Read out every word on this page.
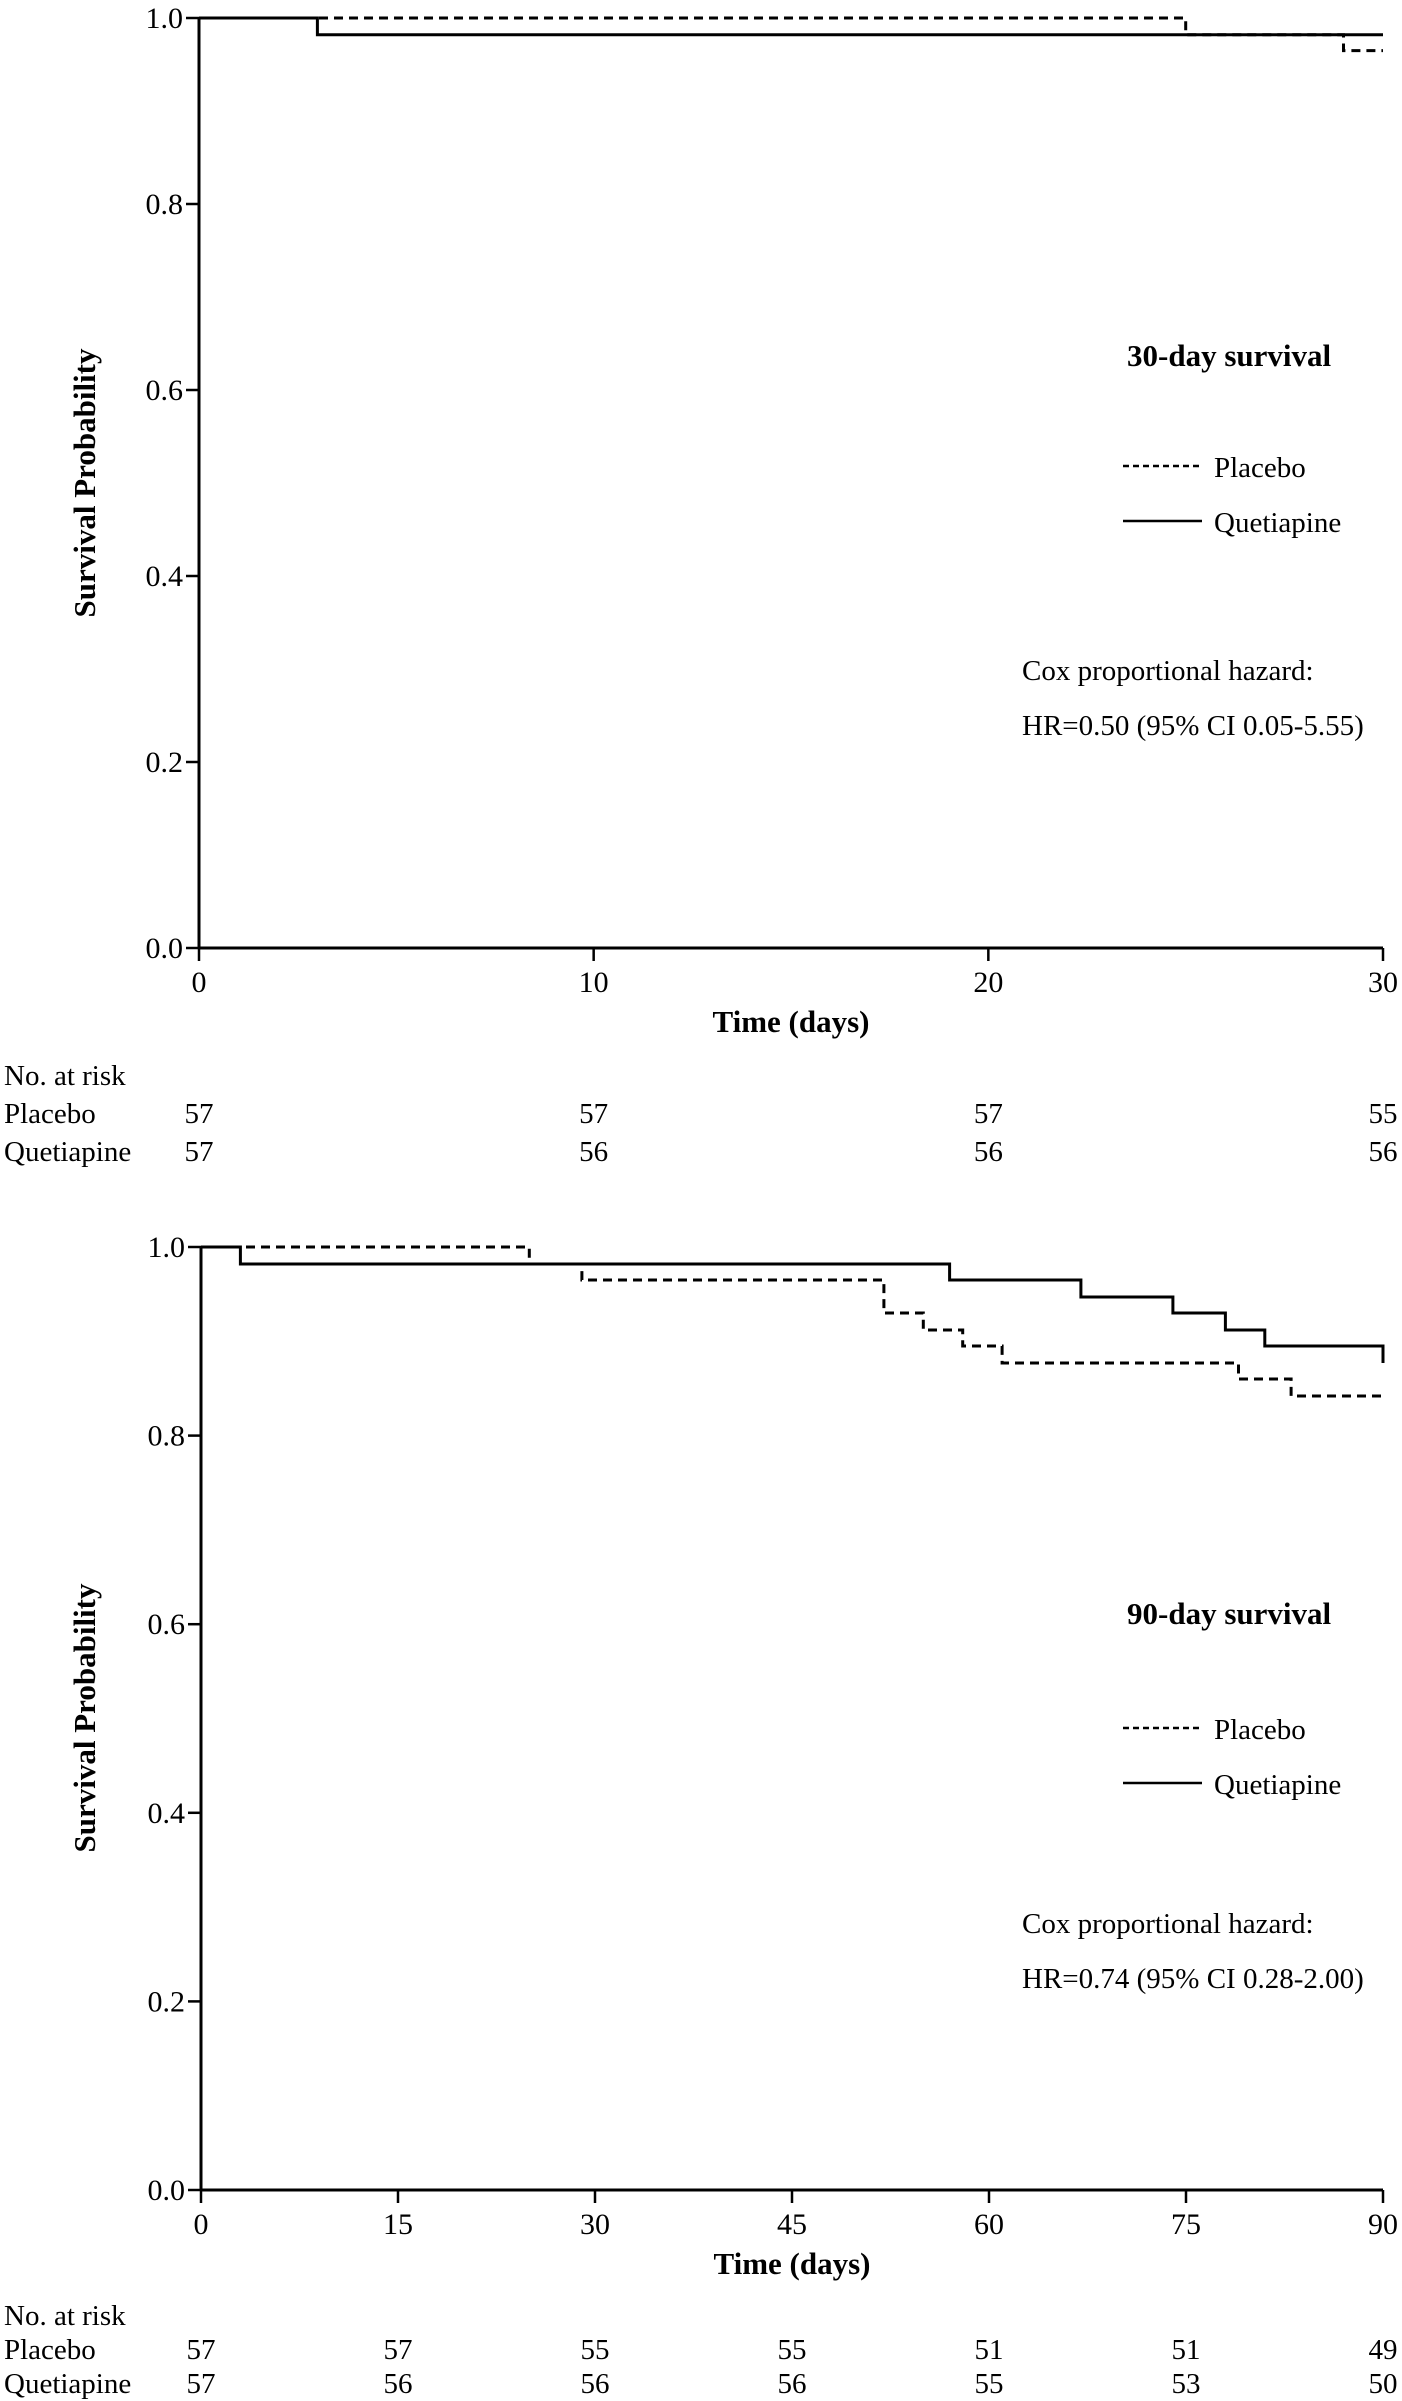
0.0
0.2
0.4
0.6
0.8
1.0
0	10	20	30
Survival Probability
Time (days)
30-day survival
Placebo
Quetiapine
Cox proportional hazard:
HR=0.50 (95% CI 0.05-5.55)
0.0
0.2
0.4
0.6
0.8
1.0
0	15	30	45	60	75	90
Survival Probability
Time (days)
90-day survival
Placebo
Quetiapine
Cox proportional hazard:
HR=0.74 (95% CI 0.28-2.00)
No. at risk
Placebo	57	57	57	55
Quetiapine 57	56	56	56
No. at risk
Placebo	57	57	55	55	51	51	49
Quetiapine 57	56	56	56	55	53	50
